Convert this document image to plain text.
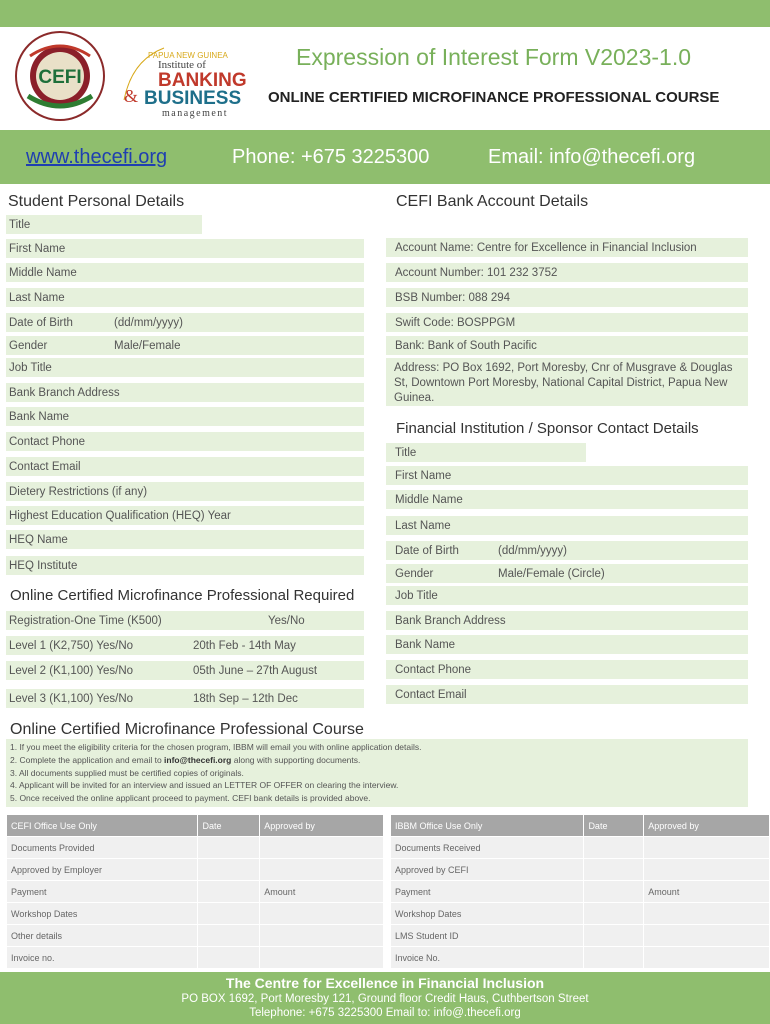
CEFI
PAPUA NEW GUINEA
Institute of
BANKING
& BUSINESS
management
Expression of Interest Form V2023-1.0
ONLINE CERTIFIED MICROFINANCE PROFESSIONAL COURSE
www.thecefi.org	Phone: +675 3225300	Email: info@thecefi.org
Student Personal Details
Title
First Name
Middle Name
Last Name
Date of Birth	(dd/mm/yyyy)
Gender	Male/Female
Job Title
Bank Branch Address
Bank Name
Contact Phone
Contact Email
Dietery Restrictions (if any)
Highest Education Qualification (HEQ) Year
HEQ Name
HEQ Institute
Online Certified Microfinance Professional Required
Registration-One Time (K500)	Yes/No
Level 1 (K2,750) Yes/No	20th Feb - 14th May
Level 2 (K1,100) Yes/No	05th June – 27th August
Level 3 (K1,100) Yes/No	18th Sep – 12th Dec
CEFI Bank Account Details
Account Name: Centre for Excellence in Financial Inclusion
Account Number: 101 232 3752
BSB Number: 088 294
Swift Code: BOSPPGM
Bank: Bank of South Pacific
Address: PO Box 1692, Port Moresby, Cnr of Musgrave & Douglas St, Downtown Port Moresby, National Capital District, Papua New Guinea.
Financial Institution / Sponsor Contact Details
Title
First Name
Middle Name
Last Name
Date of Birth	(dd/mm/yyyy)
Gender	Male/Female (Circle)
Job Title
Bank Branch Address
Bank Name
Contact Phone
Contact Email
Online Certified Microfinance Professional Course
1. If you meet the eligibility criteria for the chosen program, IBBM will email you with online application details.
2. Complete the application and email to info@thecefi.org along with supporting documents.
3. All documents supplied must be certified copies of originals.
4. Applicant will be invited for an interview and issued an LETTER OF OFFER on clearing the interview.
5. Once received the online applicant proceed to payment. CEFI bank details is provided above.
CEFI Office Use Only	Date	Approved by
Documents Provided		
Approved by Employer		
Payment		Amount
Workshop Dates		
Other details		
Invoice no.		
IBBM Office Use Only	Date	Approved by
Documents Received		
Approved by CEFI		
Payment		Amount
Workshop Dates		
LMS Student ID		
Invoice No.		
The Centre for Excellence in Financial Inclusion
PO BOX 1692, Port Moresby 121, Ground floor Credit Haus, Cuthbertson Street
Telephone: +675 3225300 Email to: info@.thecefi.org
